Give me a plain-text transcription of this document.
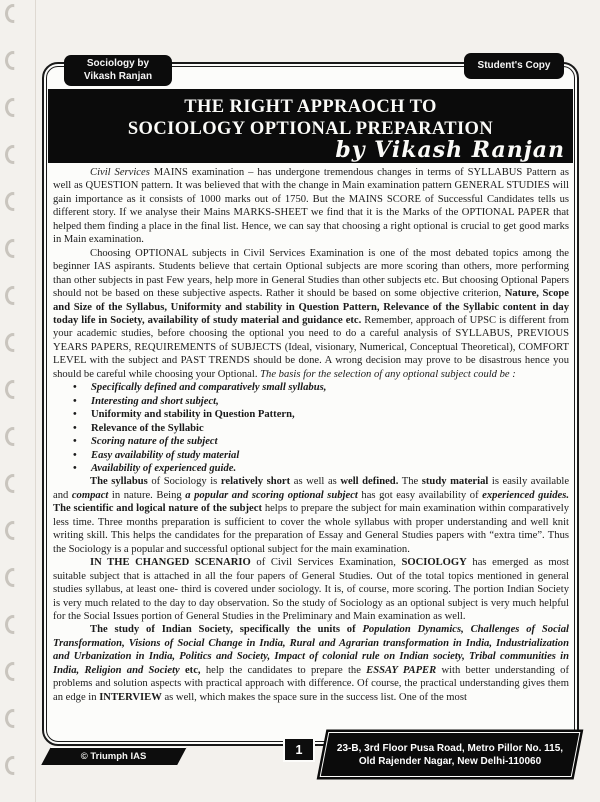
Sociology by
Vikash Ranjan
Student's Copy
THE RIGHT APPRAOCH TO
SOCIOLOGY OPTIONAL PREPARATION
by Vikash Ranjan

Civil Services MAINS examination – has undergone tremendous changes in terms of SYLLABUS Pattern as well as QUESTION pattern. It was believed that with the change in Main examination pattern GENERAL STUDIES will gain importance as it consists of 1000 marks out of 1750. But the MAINS SCORE of Successful Candidates tells us different story. If we analyse their Mains MARKS-SHEET we find that it is the Marks of the OPTIONAL PAPER that helped them finding a place in the final list. Hence, we can say that choosing a right optional is crucial to get good marks in Main examination.

Choosing OPTIONAL subjects in Civil Services Examination is one of the most debated topics among the beginner IAS aspirants. Students believe that certain Optional subjects are more scoring than others, more performing than other subjects in past Few years, help more in General Studies than other subjects etc. But choosing Optional Papers should not be based on these subjective aspects. Rather it should be based on some objective criterion, Nature, Scope and Size of the Syllabus, Uniformity and stability in Question Pattern, Relevance of the Syllabic content in day today life in Society, availability of study material and guidance etc. Remember, approach of UPSC is different from your academic studies, before choosing the optional you need to do a careful analysis of SYLLABUS, PREVIOUS YEARS PAPERS, REQUIREMENTS of SUBJECTS (Ideal, visionary, Numerical, Conceptual Theoretical), COMFORT LEVEL with the subject and PAST TRENDS should be done. A wrong decision may prove to be disastrous hence you should be careful while choosing your Optional. The basis for the selection of any optional subject could be :

• Specifically defined and comparatively small syllabus,
• Interesting and short subject,
• Uniformity and stability in Question Pattern,
• Relevance of the Syllabic
• Scoring nature of the subject
• Easy availability of study material
• Availability of experienced guide.

The syllabus of Sociology is relatively short as well as well defined. The study material is easily available and compact in nature. Being a popular and scoring optional subject has got easy availability of experienced guides. The scientific and logical nature of the subject helps to prepare the subject for main examination within comparatively less time. Three months preparation is sufficient to cover the whole syllabus with proper understanding and well knit writing skill. This helps the candidates for the preparation of Essay and General Studies papers with “extra time”. Thus the Sociology is a popular and successful optional subject for the main examination.

IN THE CHANGED SCENARIO of Civil Services Examination, SOCIOLOGY has emerged as most suitable subject that is attached in all the four papers of General Studies. Out of the total topics mentioned in general studies syllabus, at least one- third is covered under sociology. It is, of course, more scoring. The portion Indian Society is very much related to the day to day observation. So the study of Sociology as an optional subject is very much helpful for the Social Issues portion of General Studies in the Preliminary and Main examination as well.

The study of Indian Society, specifically the units of Population Dynamics, Challenges of Social Transformation, Visions of Social Change in India, Rural and Agrarian transformation in India, Industrialization and Urbanization in India, Politics and Society, Impact of colonial rule on Indian society, Tribal communities in India, Religion and Society etc, help the candidates to prepare the ESSAY PAPER with better understanding of problems and solution aspects with practical approach with difference. Of course, the practical understanding gives them an edge in INTERVIEW as well, which makes the space sure in the success list. One of the most

© Triumph IAS	1	23-B, 3rd Floor Pusa Road, Metro Pillor No. 115,
Old Rajender Nagar, New Delhi-110060
